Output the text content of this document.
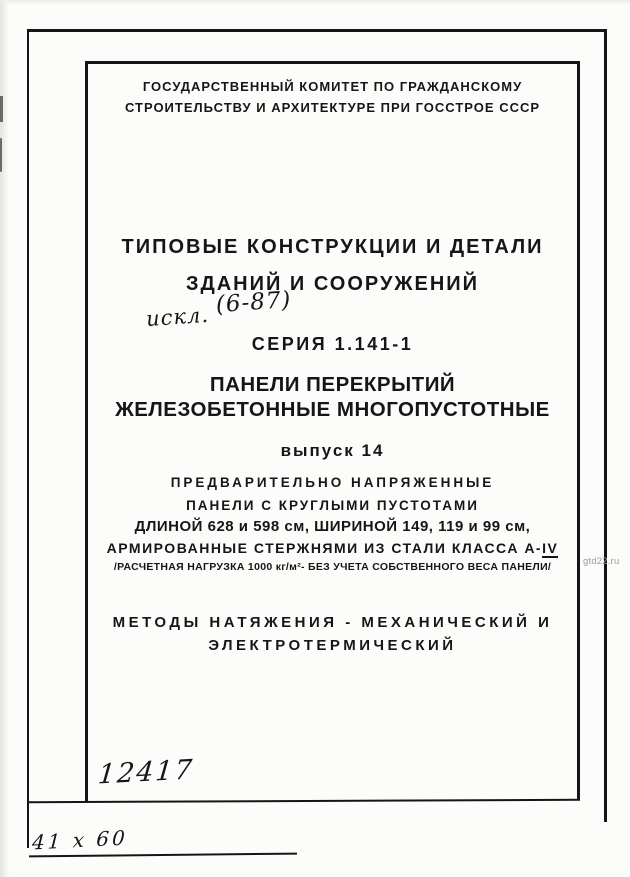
ГОСУДАРСТВЕННЫЙ КОМИТЕТ ПО ГРАЖДАНСКОМУ
СТРОИТЕЛЬСТВУ И АРХИТЕКТУРЕ ПРИ ГОССТРОЕ СССР
ТИПОВЫЕ КОНСТРУКЦИИ И ДЕТАЛИ
ЗДАНИЙ И СООРУЖЕНИЙ
искл. (6-87)
СЕРИЯ 1.141-1
ПАНЕЛИ ПЕРЕКРЫТИЙ
ЖЕЛЕЗОБЕТОННЫЕ МНОГОПУСТОТНЫЕ
выпуск 14
ПРЕДВАРИТЕЛЬНО НАПРЯЖЕННЫЕ
ПАНЕЛИ С КРУГЛЫМИ ПУСТОТАМИ
ДЛИНОЙ 628 и 598 см, ШИРИНОЙ 149, 119 и 99 см,
АРМИРОВАННЫЕ СТЕРЖНЯМИ ИЗ СТАЛИ КЛАССА А-IV
/РАСЧЕТНАЯ НАГРУЗКА 1000 кг/м²- БЕЗ УЧЕТА СОБСТВЕННОГО ВЕСА ПАНЕЛИ/
МЕТОДЫ НАТЯЖЕНИЯ - МЕХАНИЧЕСКИЙ И
ЭЛЕКТРОТЕРМИЧЕСКИЙ
12417
41 х 60
gtd22.ru
